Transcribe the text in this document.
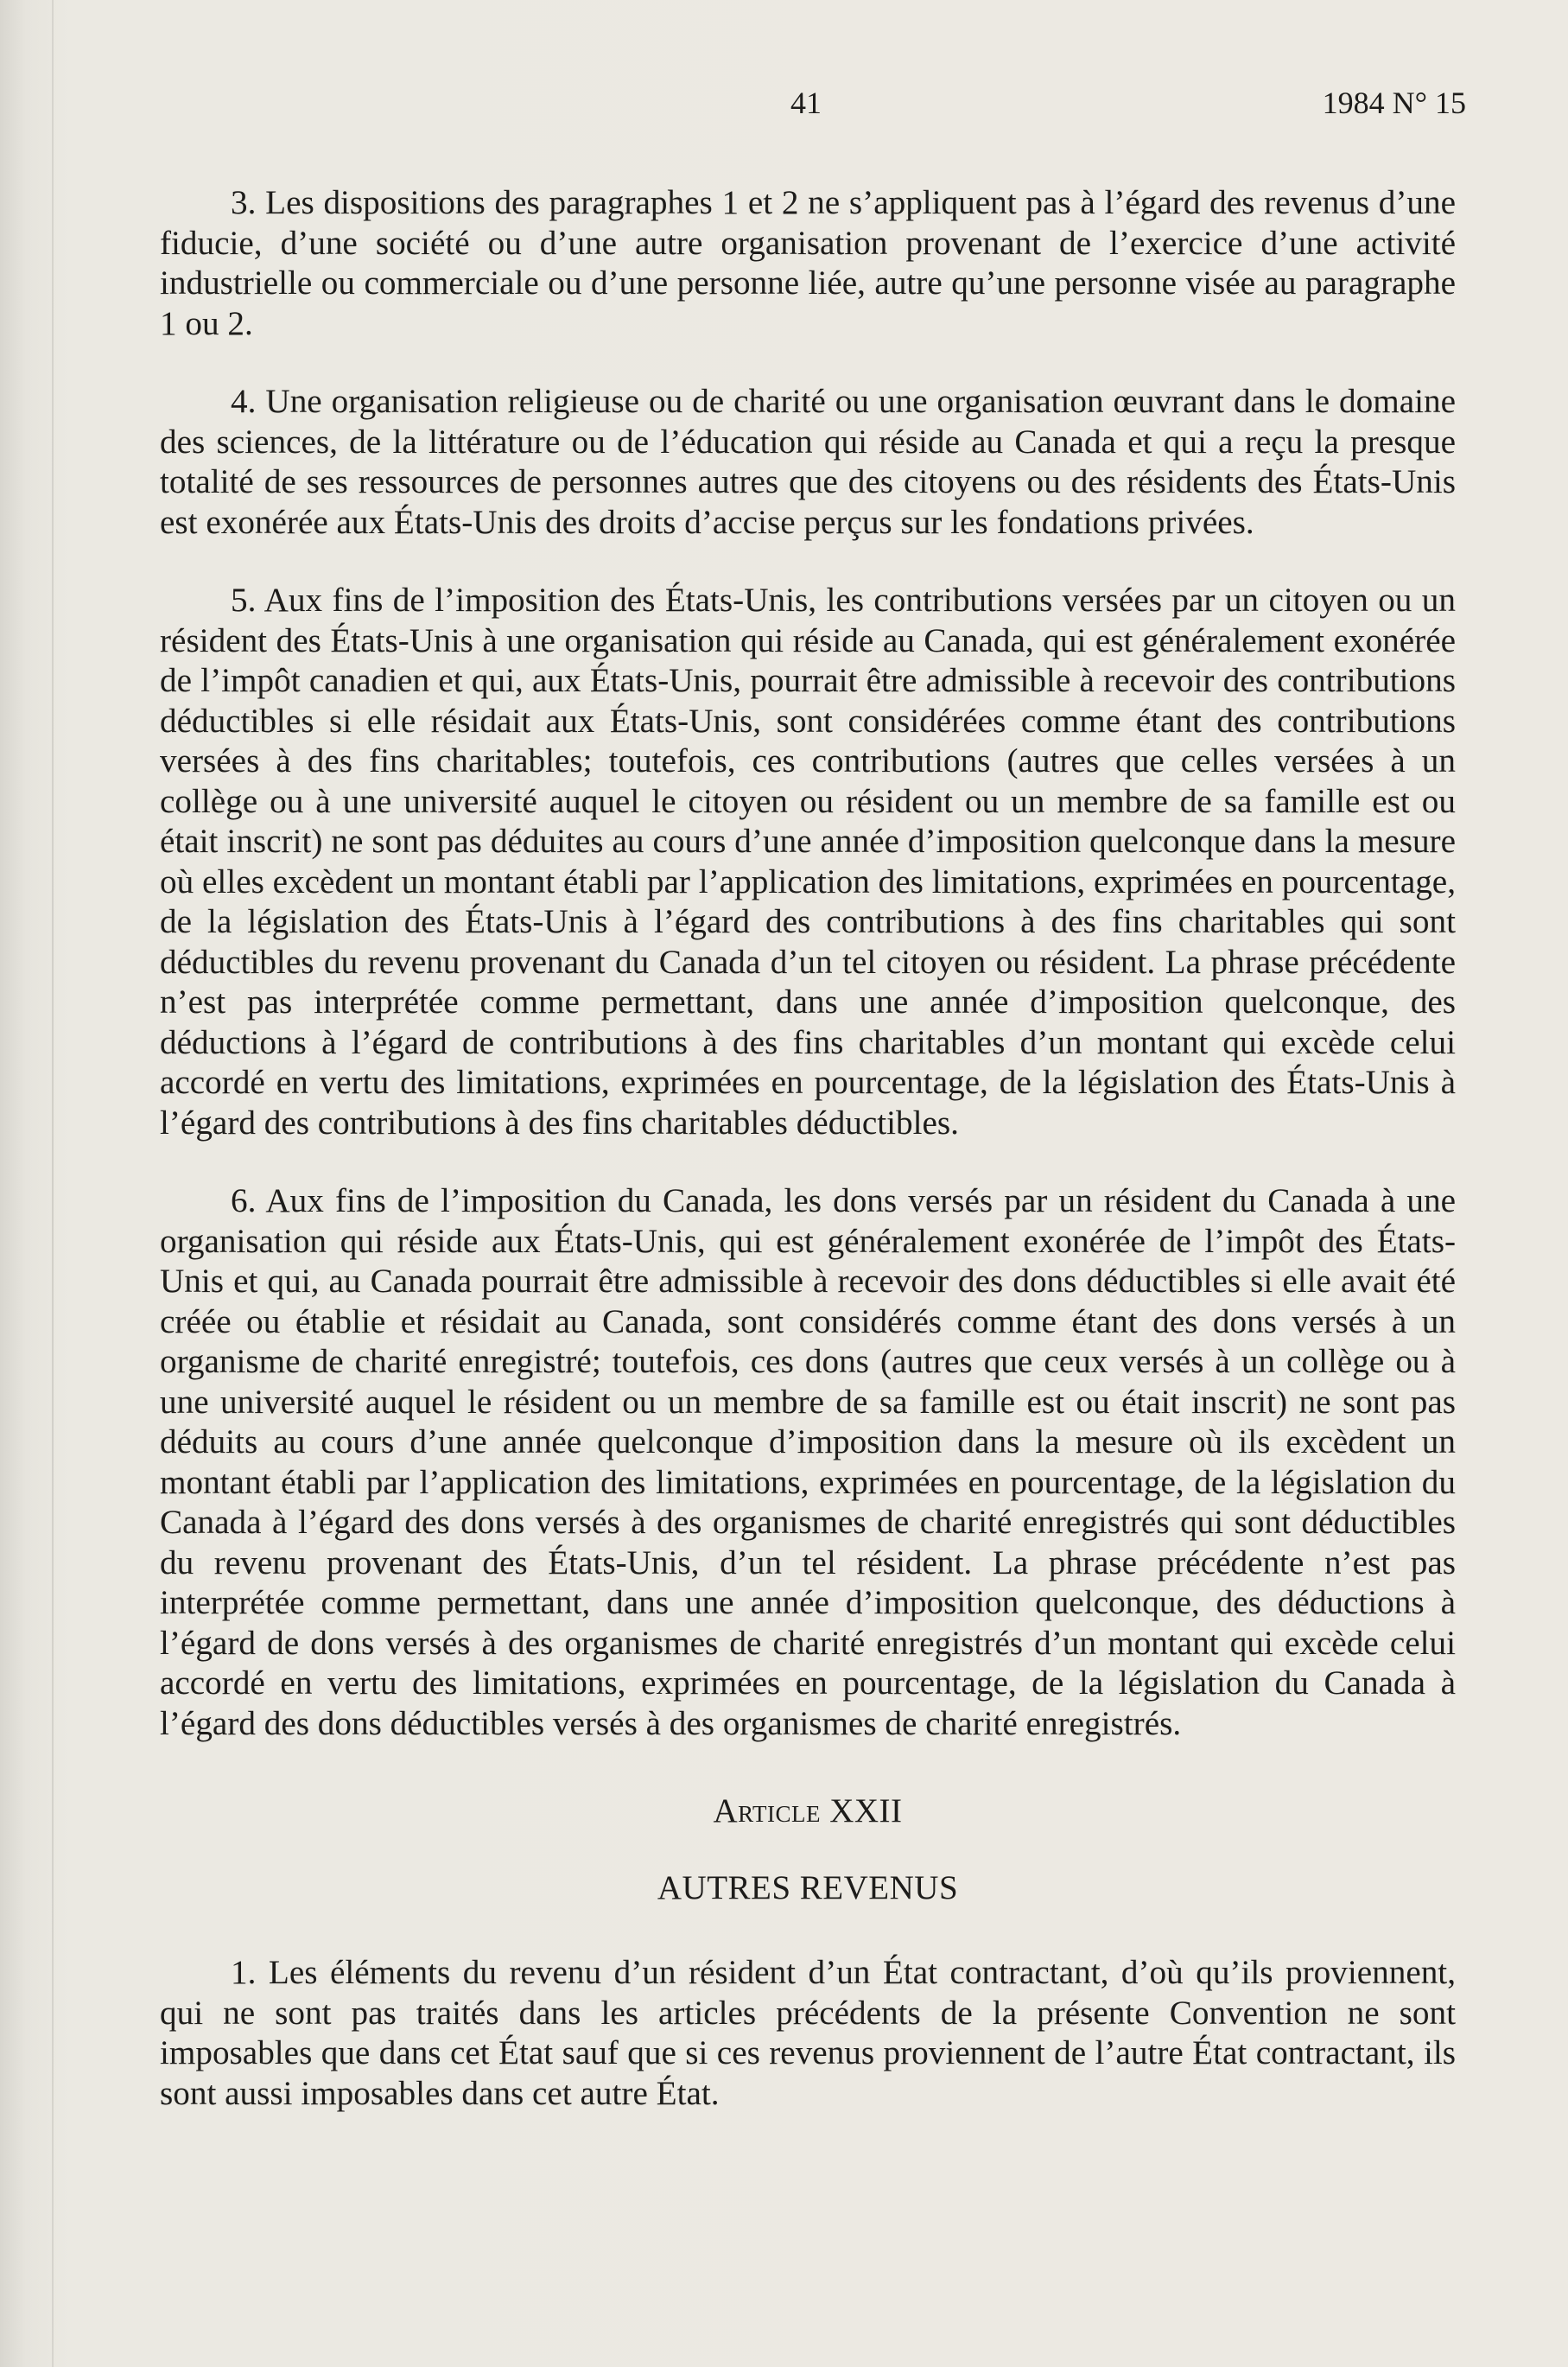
41	1984 N° 15

3. Les dispositions des paragraphes 1 et 2 ne s’appliquent pas à l’égard des revenus d’une fiducie, d’une société ou d’une autre organisation provenant de l’exercice d’une activité industrielle ou commerciale ou d’une personne liée, autre qu’une personne visée au paragraphe 1 ou 2.

4. Une organisation religieuse ou de charité ou une organisation œuvrant dans le domaine des sciences, de la littérature ou de l’éducation qui réside au Canada et qui a reçu la presque totalité de ses ressources de personnes autres que des citoyens ou des résidents des États-Unis est exonérée aux États-Unis des droits d’accise perçus sur les fondations privées.

5. Aux fins de l’imposition des États-Unis, les contributions versées par un citoyen ou un résident des États-Unis à une organisation qui réside au Canada, qui est généralement exonérée de l’impôt canadien et qui, aux États-Unis, pourrait être admissible à recevoir des contributions déductibles si elle résidait aux États-Unis, sont considérées comme étant des contributions versées à des fins charitables; toutefois, ces contributions (autres que celles versées à un collège ou à une université auquel le citoyen ou résident ou un membre de sa famille est ou était inscrit) ne sont pas déduites au cours d’une année d’imposition quelconque dans la mesure où elles excèdent un montant établi par l’application des limitations, exprimées en pourcentage, de la législation des États-Unis à l’égard des contributions à des fins charitables qui sont déductibles du revenu provenant du Canada d’un tel citoyen ou résident. La phrase précédente n’est pas interprétée comme permettant, dans une année d’imposition quelconque, des déductions à l’égard de contributions à des fins charitables d’un montant qui excède celui accordé en vertu des limitations, exprimées en pourcentage, de la législation des États-Unis à l’égard des contributions à des fins charitables déductibles.

6. Aux fins de l’imposition du Canada, les dons versés par un résident du Canada à une organisation qui réside aux États-Unis, qui est généralement exonérée de l’impôt des États-Unis et qui, au Canada pourrait être admissible à recevoir des dons déductibles si elle avait été créée ou établie et résidait au Canada, sont considérés comme étant des dons versés à un organisme de charité enregistré; toutefois, ces dons (autres que ceux versés à un collège ou à une université auquel le résident ou un membre de sa famille est ou était inscrit) ne sont pas déduits au cours d’une année quelconque d’imposition dans la mesure où ils excèdent un montant établi par l’application des limitations, exprimées en pourcentage, de la législation du Canada à l’égard des dons versés à des organismes de charité enregistrés qui sont déductibles du revenu provenant des États-Unis, d’un tel résident. La phrase précédente n’est pas interprétée comme permettant, dans une année d’imposition quelconque, des déductions à l’égard de dons versés à des organismes de charité enregistrés d’un montant qui excède celui accordé en vertu des limitations, exprimées en pourcentage, de la législation du Canada à l’égard des dons déductibles versés à des organismes de charité enregistrés.

Article XXII

AUTRES REVENUS

1. Les éléments du revenu d’un résident d’un État contractant, d’où qu’ils proviennent, qui ne sont pas traités dans les articles précédents de la présente Convention ne sont imposables que dans cet État sauf que si ces revenus proviennent de l’autre État contractant, ils sont aussi imposables dans cet autre État.
